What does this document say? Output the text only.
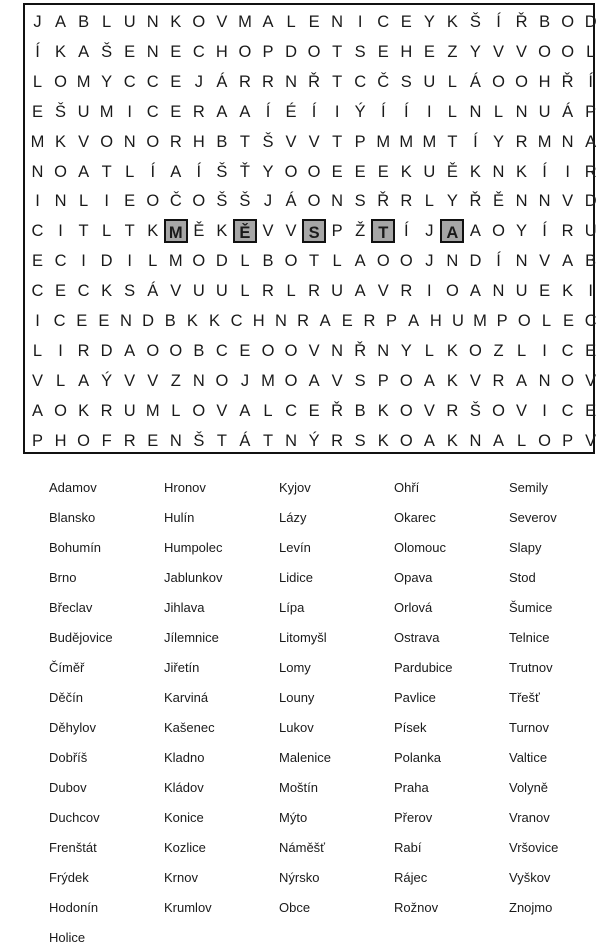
J A B L U N K O V M A L E N I C E Y K Š Í Ř B O D
Í K A Š E N E C H O P D O T S E H E Z Y V V O O L
L O M Y C C E J Á R R N Ř T C Č S U L Á O O H Ř Í
E Š U M I C E R A A Í É Í	I Ý Í	Í	I L N L N U Á P
M K V O N O R H B T Š V V T P M M M T Í Y R M N A
N O A T L Í A Í Š Ť Y O O E E E K U Ě K N K Í	I R
I N L I E O Č O Š Š J Á O N S Ř R L Y Ř Ě N N V D
C I T L T K M Ě K Ě V V S P Ž T Í	J A A O Y Í R U
E C I D I L M O D L B O T L A O O J N D Í N V A B
C E C K S Á V U U L R L R U A V R I O A N U E K I
I C E E N D B K K C H N R A E R P A H U M P O L E C
L I R D A O O B C E O O V N Ř N Y L K O Z L I C E
V L A Ý V V Z N O J M O A V S P O A K V R A N O V
A O K R U M L O V A L C E Ř B K O V R Š O V I C E
P H O F R E N Š T Á T N Ý R S K O A K N A L O P V
Adamov
Blansko
Bohumín
Brno
Břeclav
Budějovice
Číměř
Děčín
Děhylov
Dobříš
Dubov
Duchcov
Frenštát
Frýdek
Hodonín
Holice
Hronov
Hulín
Humpolec
Jablunkov
Jihlava
Jílemnice
Jiřetín
Karviná
Kašenec
Kladno
Kládov
Konice
Kozlice
Krnov
Krumlov
Kyjov
Lázy
Levín
Lidice
Lípa
Litomyšl
Lomy
Louny
Lukov
Malenice
Moštín
Mýto
Náměšť
Nýrsko
Obce
Ohří
Okarec
Olomouc
Opava
Orlová
Ostrava
Pardubice
Pavlice
Písek
Polanka
Praha
Přerov
Rabí
Rájec
Rožnov
Semily
Severov
Slapy
Stod
Šumice
Telnice
Trutnov
Třešť
Turnov
Valtice
Volyně
Vranov
Vršovice
Vyškov
Znojmo
